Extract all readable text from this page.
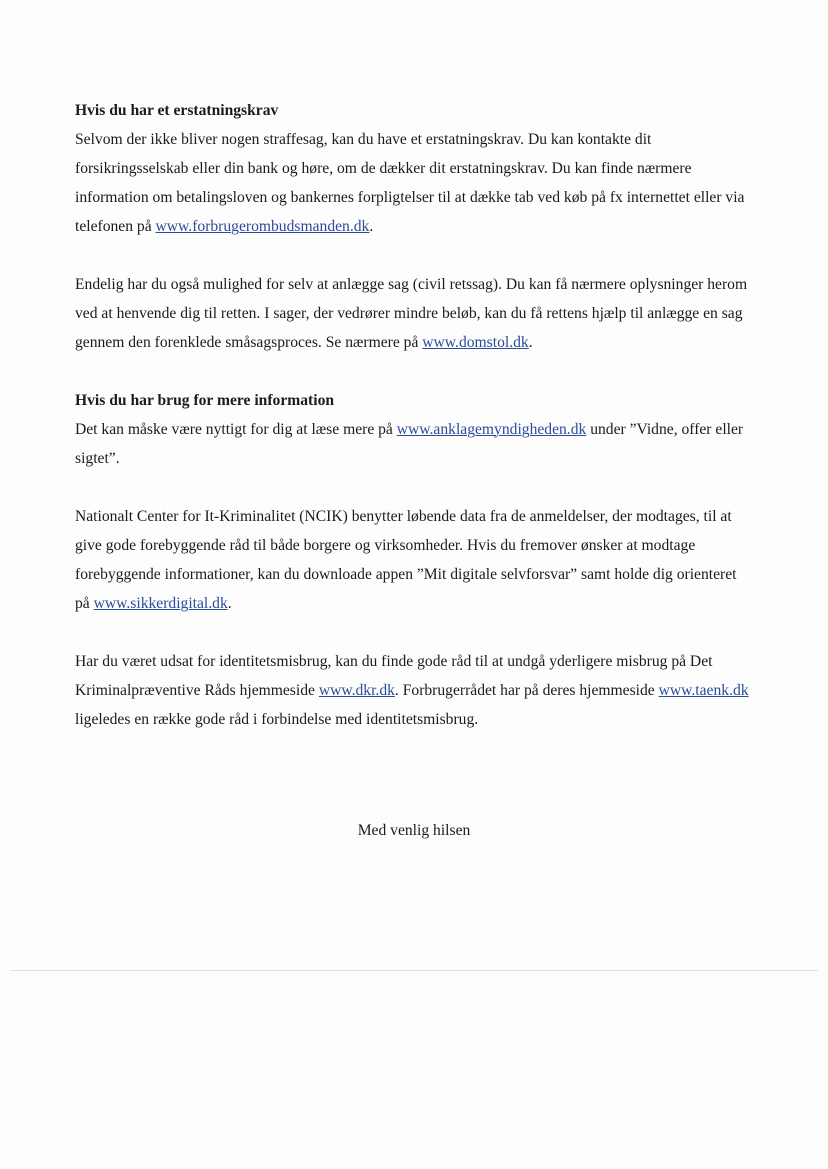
Hvis du har et erstatningskrav

Selvom der ikke bliver nogen straffesag, kan du have et erstatningskrav. Du kan kontakte dit forsikringsselskab eller din bank og høre, om de dækker dit erstatningskrav. Du kan finde nærmere information om betalingsloven og bankernes forpligtelser til at dække tab ved køb på fx internettet eller via telefonen på www.forbrugerombudsmanden.dk.

Endelig har du også mulighed for selv at anlægge sag (civil retssag). Du kan få nærmere oplysninger herom ved at henvende dig til retten. I sager, der vedrører mindre beløb, kan du få rettens hjælp til anlægge en sag gennem den forenklede småsagsproces. Se nærmere på www.domstol.dk.

Hvis du har brug for mere information

Det kan måske være nyttigt for dig at læse mere på www.anklagemyndigheden.dk under ”Vidne, offer eller sigtet”.

Nationalt Center for It-Kriminalitet (NCIK) benytter løbende data fra de anmeldelser, der modtages, til at give gode forebyggende råd til både borgere og virksomheder. Hvis du fremover ønsker at modtage forebyggende informationer, kan du downloade appen ”Mit digitale selvforsvar” samt holde dig orienteret på www.sikkerdigital.dk.

Har du været udsat for identitetsmisbrug, kan du finde gode råd til at undgå yderligere misbrug på Det Kriminalpræventive Råds hjemmeside www.dkr.dk. Forbrugerrådet har på deres hjemmeside www.taenk.dk ligeledes en række gode råd i forbindelse med identitetsmisbrug.

Med venlig hilsen
